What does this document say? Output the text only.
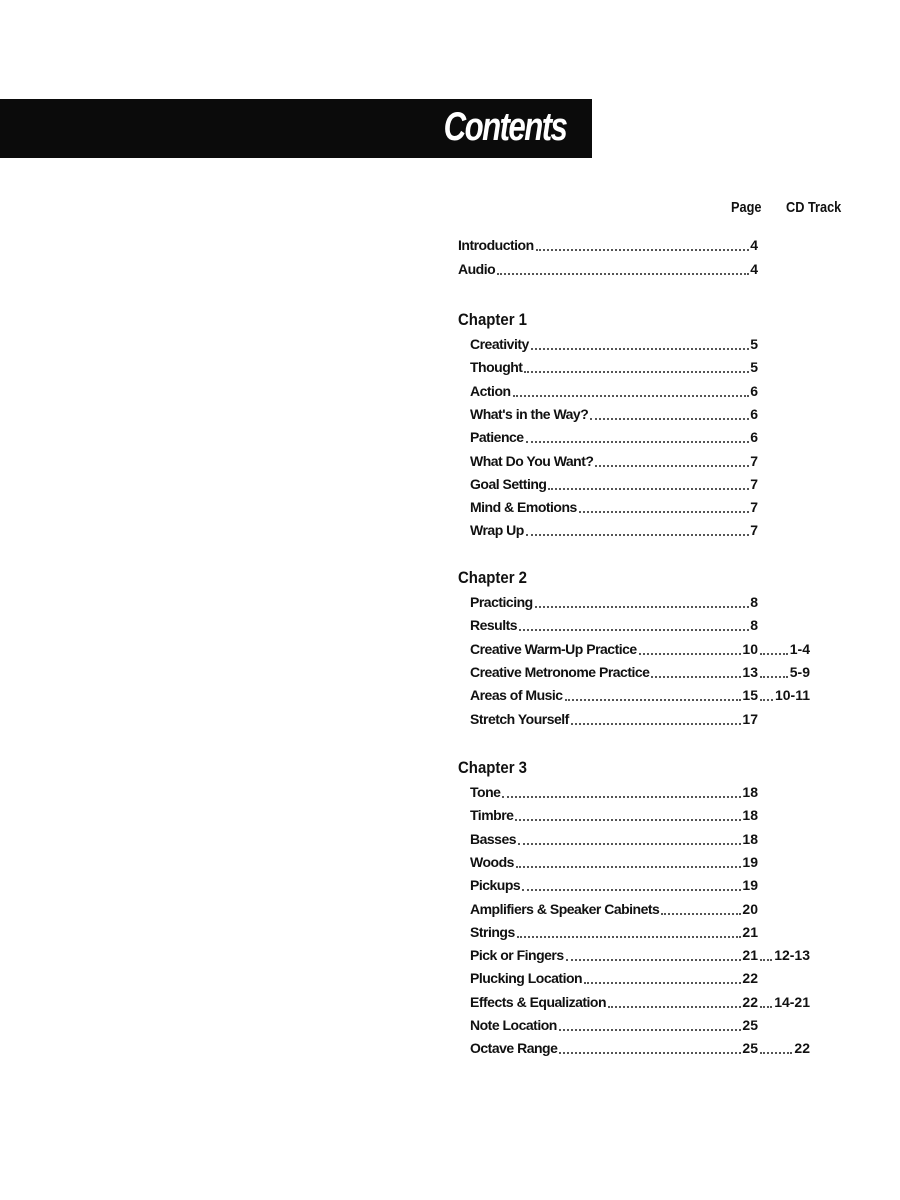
Contents
Page CD Track
Introduction	4
Audio	4
Chapter 1
Creativity	5
Thought	5
Action	6
What's in the Way?	6
Patience	6
What Do You Want?	7
Goal Setting	7
Mind & Emotions	7
Wrap Up	7
Chapter 2
Practicing	8
Results	8
Creative Warm-Up Practice	10 1-4
Creative Metronome Practice	13 5-9
Areas of Music	15 10-11
Stretch Yourself	17
Chapter 3
Tone	18
Timbre	18
Basses	18
Woods	19
Pickups	19
Amplifiers & Speaker Cabinets	20
Strings	21
Pick or Fingers	21 12-13
Plucking Location	22
Effects & Equalization	22 14-21
Note Location	25
Octave Range	25	22
